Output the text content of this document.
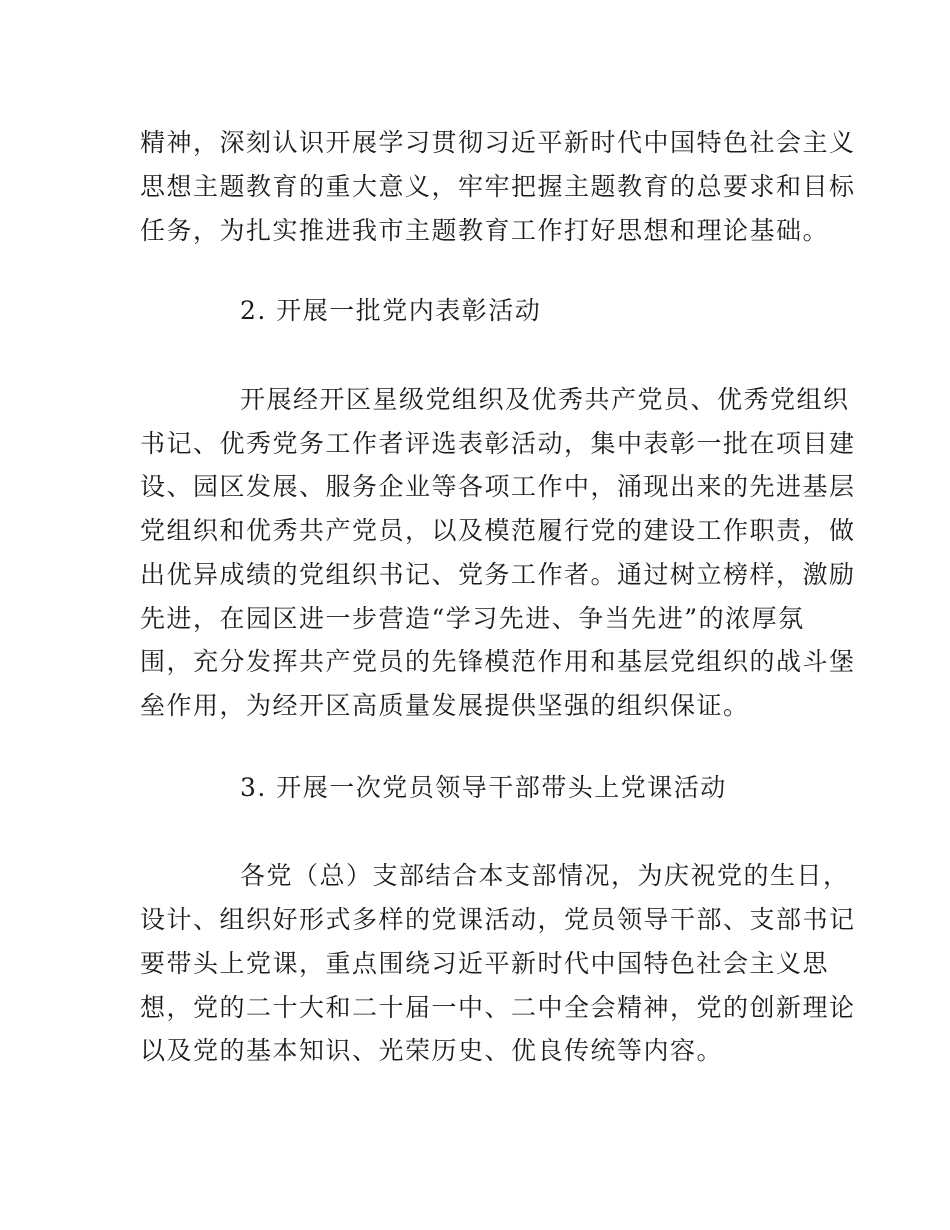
精神，深刻认识开展学习贯彻习近平新时代中国特色社会主义
思想主题教育的重大意义，牢牢把握主题教育的总要求和目标
任务，为扎实推进我市主题教育工作打好思想和理论基础。
2. 开展一批党内表彰活动
开展经开区星级党组织及优秀共产党员、优秀党组织
书记、优秀党务工作者评选表彰活动，集中表彰一批在项目建
设、园区发展、服务企业等各项工作中，涌现出来的先进基层
党组织和优秀共产党员，以及模范履行党的建设工作职责，做
出优异成绩的党组织书记、党务工作者。通过树立榜样，激励
先进，在园区进一步营造“学习先进、争当先进”的浓厚氛
围，充分发挥共产党员的先锋模范作用和基层党组织的战斗堡
垒作用，为经开区高质量发展提供坚强的组织保证。
3. 开展一次党员领导干部带头上党课活动
各党（总）支部结合本支部情况，为庆祝党的生日，
设计、组织好形式多样的党课活动，党员领导干部、支部书记
要带头上党课，重点围绕习近平新时代中国特色社会主义思
想，党的二十大和二十届一中、二中全会精神，党的创新理论
以及党的基本知识、光荣历史、优良传统等内容。
